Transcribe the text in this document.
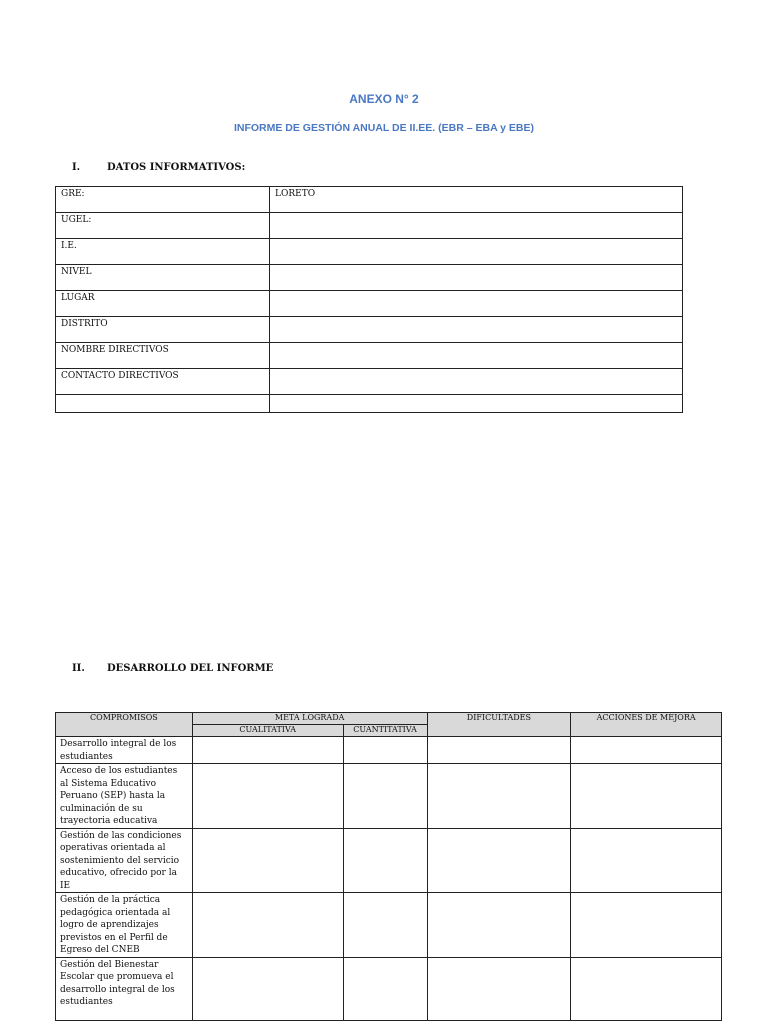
ANEXO N° 2
INFORME DE GESTIÓN ANUAL DE II.EE. (EBR – EBA y EBE)
I.	DATOS INFORMATIVOS:
GRE:	LORETO
UGEL:	
I.E.	
NIVEL	
LUGAR	
DISTRITO	
NOMBRE DIRECTIVOS	
CONTACTO DIRECTIVOS	

II. DESARROLLO DEL INFORME
COMPROMISOS	META LOGRADA		DIFICULTADES	ACCIONES DE MEJORA
	CUALITATIVA	CUANTITATIVA		
Desarrollo integral de los estudiantes				
Acceso de los estudiantes al Sistema Educativo Peruano (SEP) hasta la culminación de su trayectoria educativa				
Gestión de las condiciones operativas orientada al sostenimiento del servicio educativo, ofrecido por la IE				
Gestión de la práctica pedagógica orientada al logro de aprendizajes previstos en el Perfil de Egreso del CNEB				
Gestión del Bienestar Escolar que promueva el desarrollo integral de los estudiantes				
